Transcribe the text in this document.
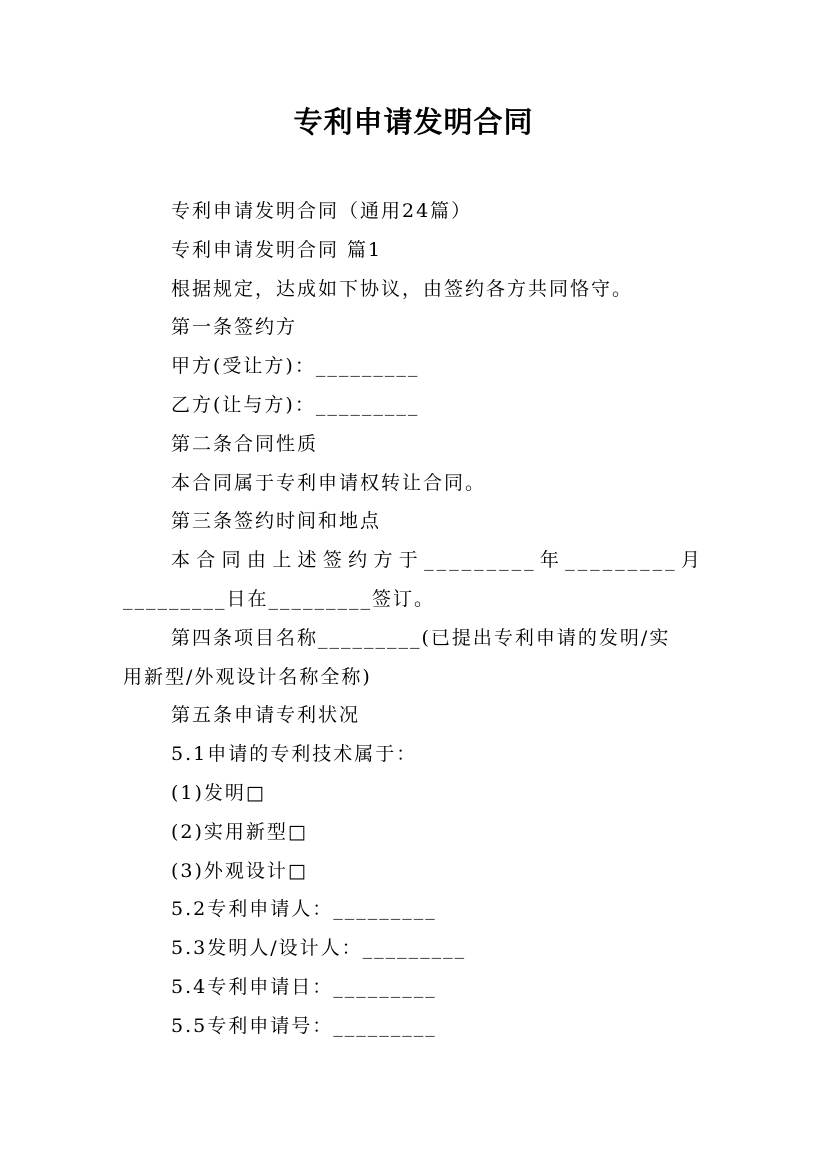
专利申请发明合同
专利申请发明合同（通用24篇）
专利申请发明合同 篇1
根据规定，达成如下协议，由签约各方共同恪守。
第一条签约方
甲方(受让方)：_________
乙方(让与方)：_________
第二条合同性质
本合同属于专利申请权转让合同。
第三条签约时间和地点
本合同由上述签约方于_________年_________月
_________日在_________签订。
第四条项目名称_________(已提出专利申请的发明/实
用新型/外观设计名称全称)
第五条申请专利状况
5.1申请的专利技术属于：
(1)发明□
(2)实用新型□
(3)外观设计□
5.2专利申请人：_________
5.3发明人/设计人：_________
5.4专利申请日：_________
5.5专利申请号：_________
